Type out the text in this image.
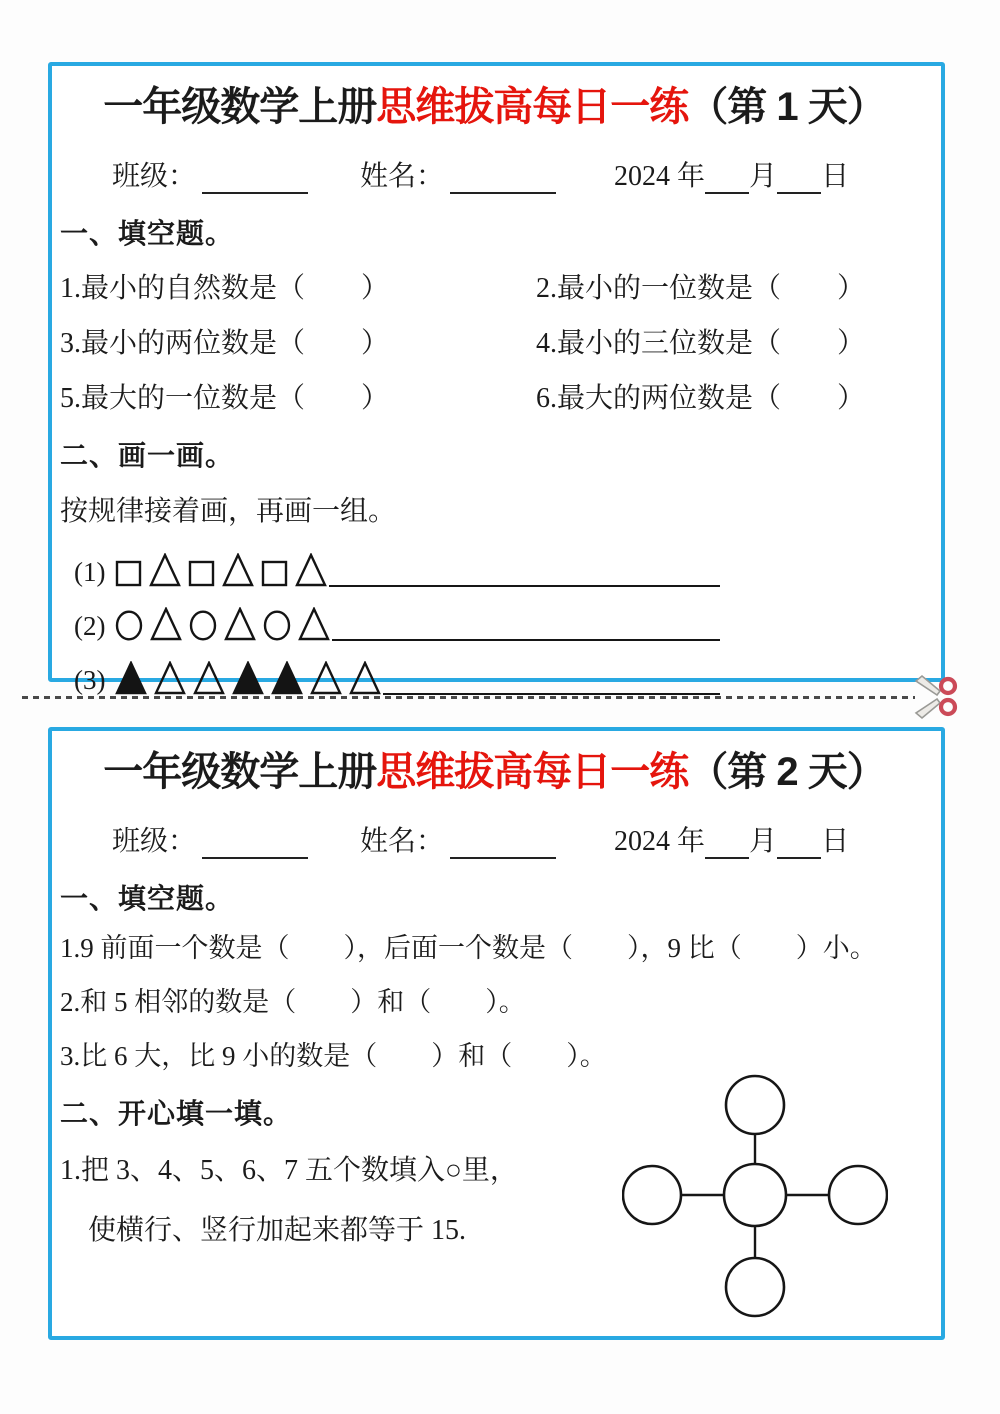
一年级数学上册思维拔高每日一练（第 1 天）
班级：	姓名：	2024 年 月 日
一、填空题。
1.最小的自然数是（　　）	2.最小的一位数是（　　）
3.最小的两位数是（　　）	4.最小的三位数是（　　）
5.最大的一位数是（　　）	6.最大的两位数是（　　）
二、画一画。
按规律接着画，再画一组。
(1)
(2)
(3)
一年级数学上册思维拔高每日一练（第 2 天）
班级：	姓名：	2024 年 月 日
一、填空题。
1.9 前面一个数是（　　），后面一个数是（　　），9 比（　　）小。
2.和 5 相邻的数是（　　）和（　　）。
3.比 6 大，比 9 小的数是（　　）和（　　）。
二、开心填一填。
1.把 3、4、5、6、7 五个数填入○里，
使横行、竖行加起来都等于 15.
